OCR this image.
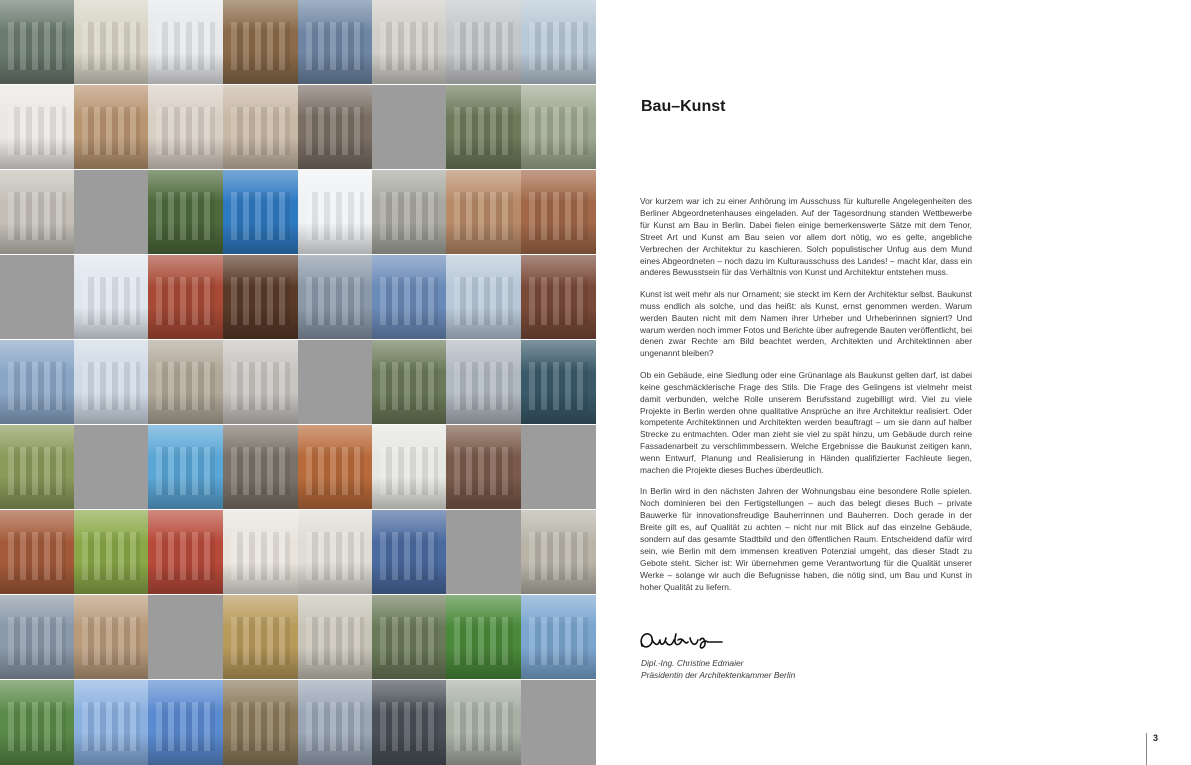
Bau–Kunst

Vor kurzem war ich zu einer Anhörung im Ausschuss für kulturelle Angelegenheiten des Berliner Abgeordnetenhauses eingeladen. Auf der Tagesordnung standen Wettbewerbe für Kunst am Bau in Berlin. Dabei fielen einige bemerkenswerte Sätze mit dem Tenor, Street Art und Kunst am Bau seien vor allem dort nötig, wo es gelte, angebliche Verbrechen der Architektur zu kaschieren. Solch populistischer Unfug aus dem Mund eines Abgeordneten – noch dazu im Kulturausschuss des Landes! – macht klar, dass ein anderes Bewusstsein für das Verhältnis von Kunst und Architektur entstehen muss.

Kunst ist weit mehr als nur Ornament; sie steckt im Kern der Architektur selbst. Baukunst muss endlich als solche, und das heißt: als Kunst, ernst genommen werden. Warum werden Bauten nicht mit dem Namen ihrer Urheber und Urheberinnen signiert? Und warum werden noch immer Fotos und Berichte über aufregende Bauten veröffentlicht, bei denen zwar Rechte am Bild beachtet werden, Architekten und Architektinnen aber ungenannt bleiben?

Ob ein Gebäude, eine Siedlung oder eine Grünanlage als Baukunst gelten darf, ist dabei keine geschmäcklerische Frage des Stils. Die Frage des Gelingens ist vielmehr meist damit verbunden, welche Rolle unserem Berufsstand zugebilligt wird. Viel zu viele Projekte in Berlin werden ohne qualitative Ansprüche an ihre Architektur realisiert. Oder kompetente Architektinnen und Architekten werden beauftragt – um sie dann auf halber Strecke zu entmachten. Oder man zieht sie viel zu spät hinzu, um Gebäude durch reine Fassadenarbeit zu verschlimmbessern. Welche Ergebnisse die Baukunst zeitigen kann, wenn Entwurf, Planung und Realisierung in Händen qualifizierter Fachleute liegen, machen die Projekte dieses Buches überdeutlich.

In Berlin wird in den nächsten Jahren der Wohnungsbau eine besondere Rolle spielen. Noch dominieren bei den Fertigstellungen – auch das belegt dieses Buch – private Bauwerke für innovationsfreudige Bauherrinnen und Bauherren. Doch gerade in der Breite gilt es, auf Qualität zu achten – nicht nur mit Blick auf das einzelne Gebäude, sondern auf das gesamte Stadtbild und den öffentlichen Raum. Entscheidend dafür wird sein, wie Berlin mit dem immensen kreativen Potenzial umgeht, das dieser Stadt zu Gebote steht. Sicher ist: Wir übernehmen gerne Verantwortung für die Qualität unserer Werke – solange wir auch die Befugnisse haben, die nötig sind, um Bau und Kunst in hoher Qualität zu liefern.

Dipl.-Ing. Christine Edmaier
Präsidentin der Architektenkammer Berlin
3
